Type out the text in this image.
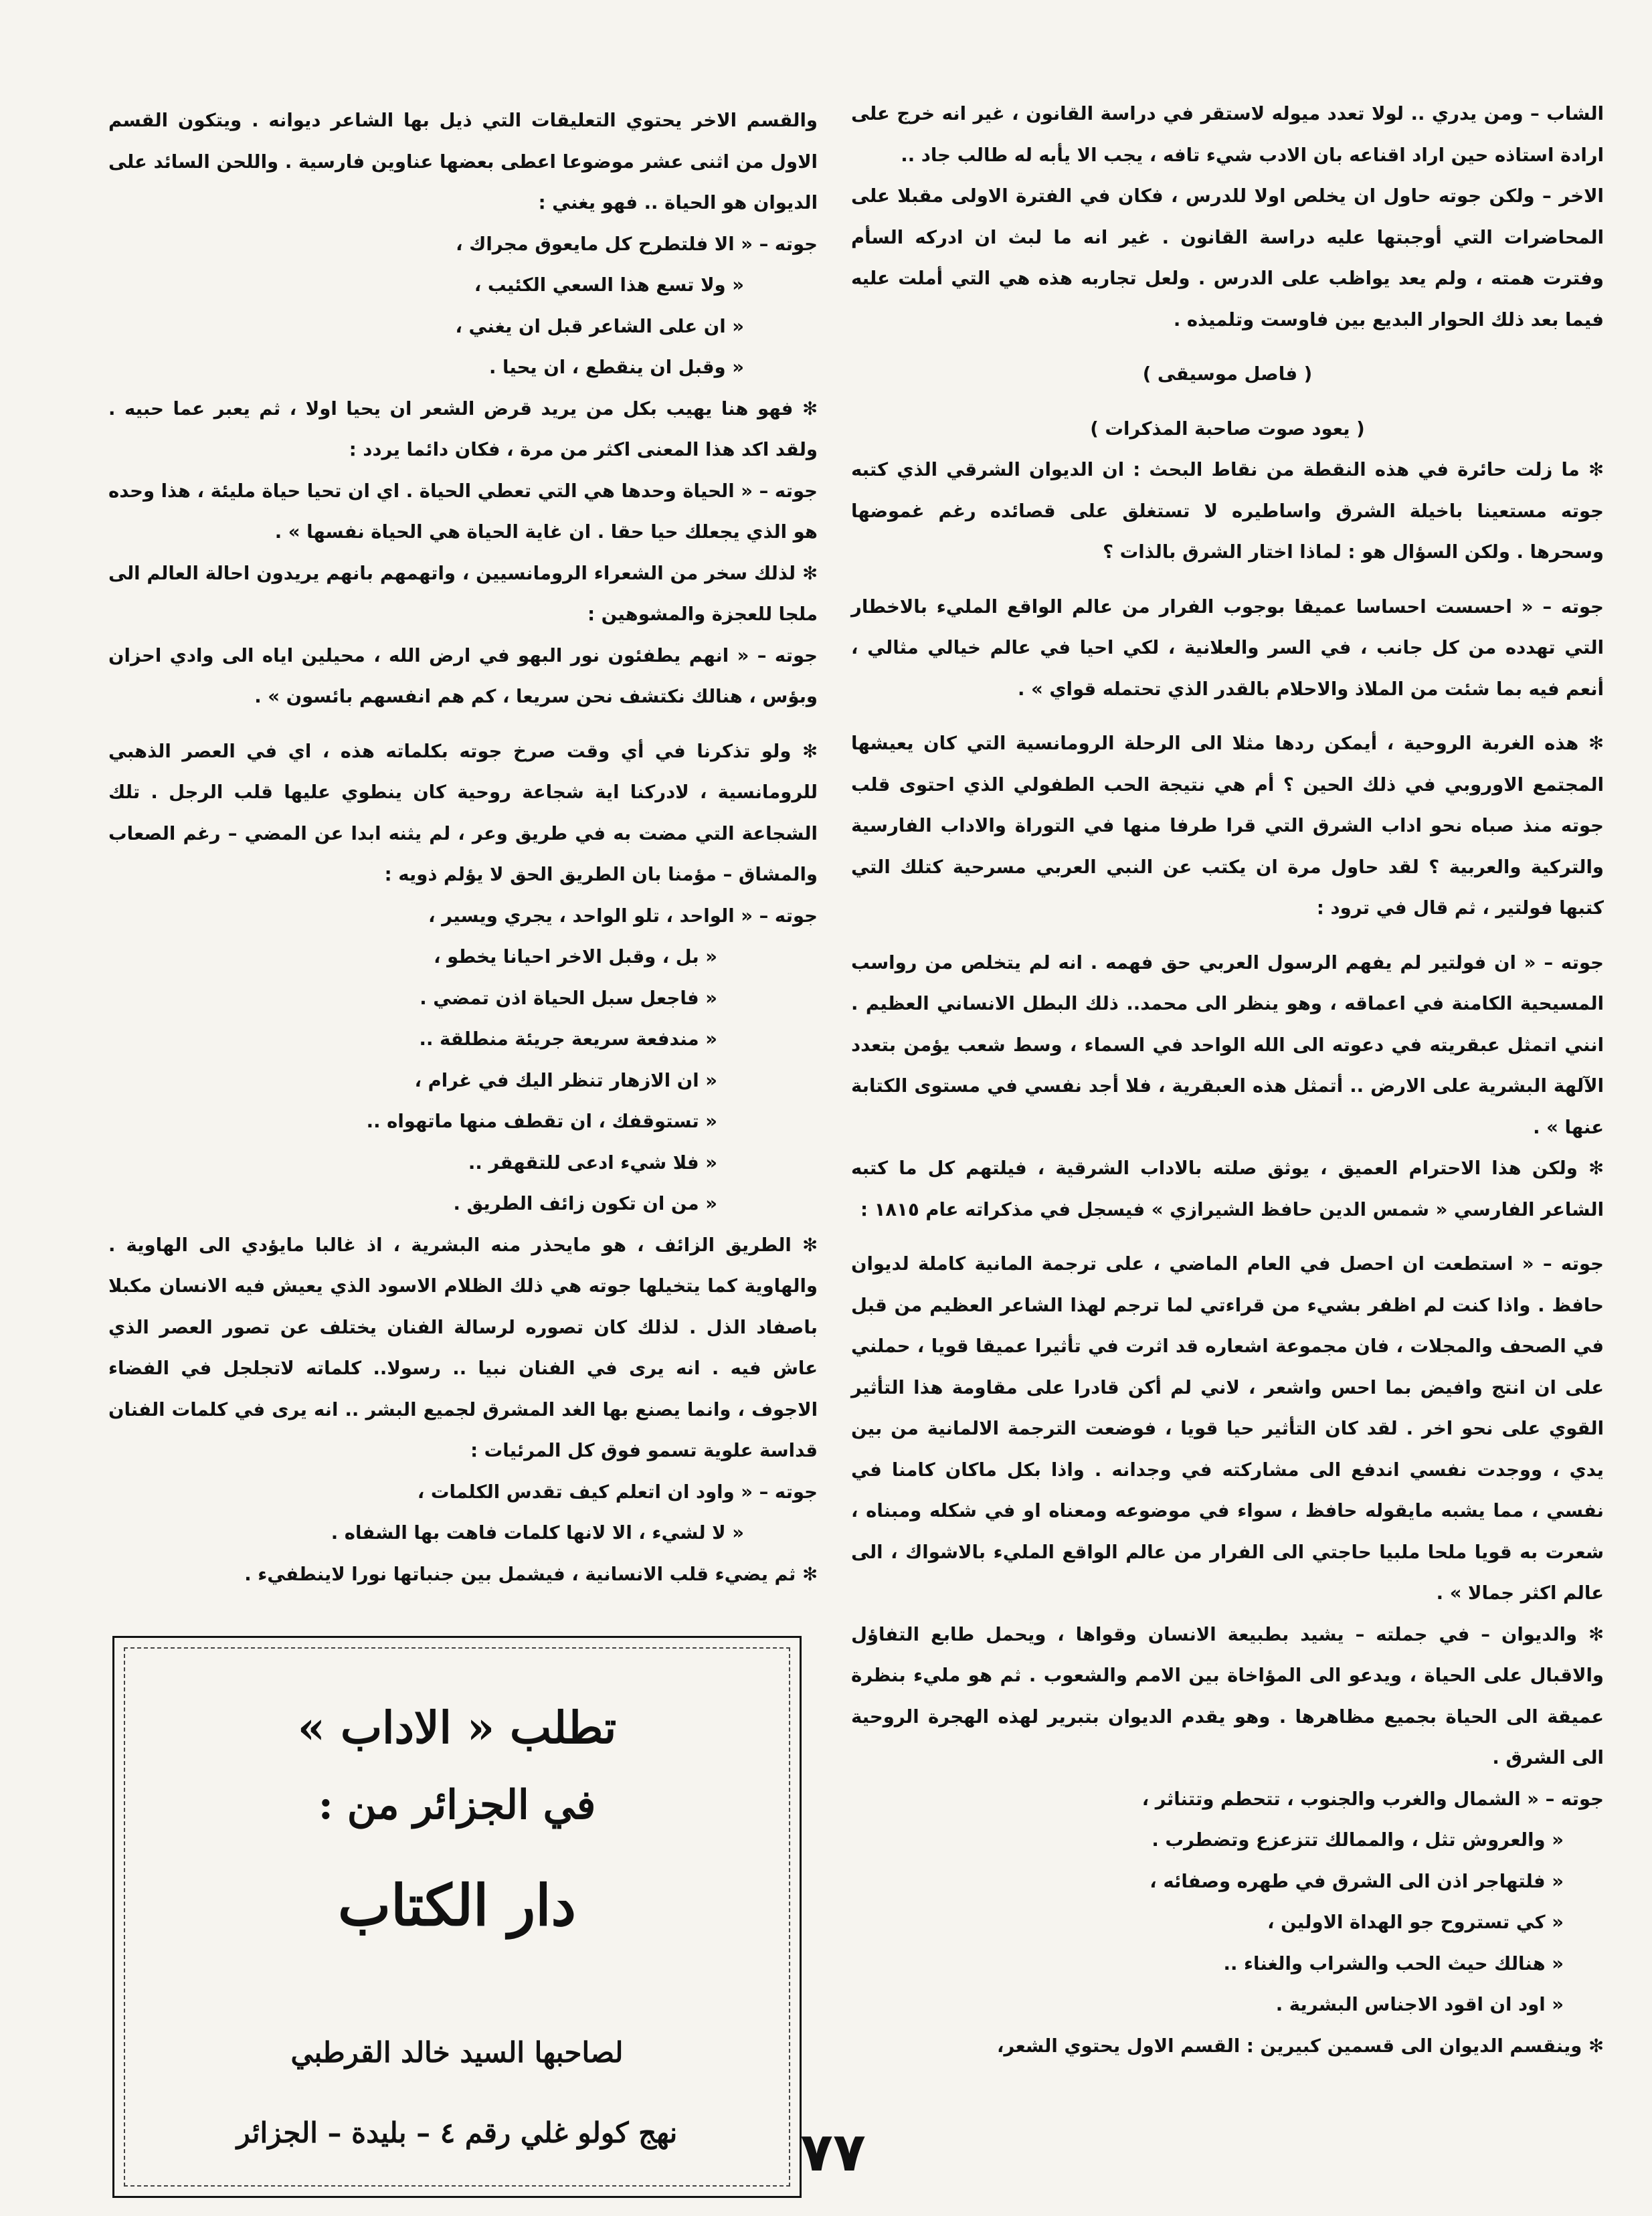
الشاب – ومن يدري .. لولا تعدد ميوله لاستقر في دراسة القانون ، غير انه خرج على ارادة استاذه حين اراد اقناعه بان الادب شيء تافه ، يجب الا يأبه له طالب جاد ..

الاخر – ولكن جوته حاول ان يخلص اولا للدرس ، فكان في الفترة الاولى مقبلا على المحاضرات التي أوجبتها عليه دراسة القانون . غير انه ما لبث ان ادركه السأم وفترت همته ، ولم يعد يواظب على الدرس . ولعل تجاربه هذه هي التي أملت عليه فيما بعد ذلك الحوار البديع بين فاوست وتلميذه .

( فاصل موسيقى )

( يعود صوت صاحبة المذكرات )

✻ ما زلت حائرة في هذه النقطة من نقاط البحث : ان الديوان الشرقي الذي كتبه جوته مستعينا باخيلة الشرق واساطيره لا تستغلق على قصائده رغم غموضها وسحرها . ولكن السؤال هو : لماذا اختار الشرق بالذات ؟

جوته – « احسست احساسا عميقا بوجوب الفرار من عالم الواقع المليء بالاخطار التي تهدده من كل جانب ، في السر والعلانية ، لكي احيا في عالم خيالي مثالي ، أنعم فيه بما شئت من الملاذ والاحلام بالقدر الذي تحتمله قواي » .

✻ هذه الغربة الروحية ، أيمكن ردها مثلا الى الرحلة الرومانسية التي كان يعيشها المجتمع الاوروبي في ذلك الحين ؟ أم هي نتيجة الحب الطفولي الذي احتوى قلب جوته منذ صباه نحو اداب الشرق التي قرا طرفا منها في التوراة والاداب الفارسية والتركية والعربية ؟ لقد حاول مرة ان يكتب عن النبي العربي مسرحية كتلك التي كتبها فولتير ، ثم قال في ترود :

جوته – « ان فولتير لم يفهم الرسول العربي حق فهمه . انه لم يتخلص من رواسب المسيحية الكامنة في اعماقه ، وهو ينظر الى محمد.. ذلك البطل الانساني العظيم . انني اتمثل عبقريته في دعوته الى الله الواحد في السماء ، وسط شعب يؤمن بتعدد الآلهة البشرية على الارض .. أتمثل هذه العبقرية ، فلا أجد نفسي في مستوى الكتابة عنها » .

✻ ولكن هذا الاحترام العميق ، يوثق صلته بالاداب الشرقية ، فيلتهم كل ما كتبه الشاعر الفارسي « شمس الدين حافظ الشيرازي » فيسجل في مذكراته عام ١٨١٥ :

جوته – « استطعت ان احصل في العام الماضي ، على ترجمة المانية كاملة لديوان حافظ . واذا كنت لم اظفر بشيء من قراءتي لما ترجم لهذا الشاعر العظيم من قبل في الصحف والمجلات ، فان مجموعة اشعاره قد اثرت في تأثيرا عميقا قويا ، حملني على ان انتج وافيض بما احس واشعر ، لاني لم أكن قادرا على مقاومة هذا التأثير القوي على نحو اخر . لقد كان التأثير حيا قويا ، فوضعت الترجمة الالمانية من بين يدي ، ووجدت نفسي اندفع الى مشاركته في وجدانه . واذا بكل ماكان كامنا في نفسي ، مما يشبه مايقوله حافظ ، سواء في موضوعه ومعناه او في شكله ومبناه ، شعرت به قويا ملحا ملبيا حاجتي الى الفرار من عالم الواقع المليء بالاشواك ، الى عالم اكثر جمالا » .

✻ والديوان – في جملته – يشيد بطبيعة الانسان وقواها ، ويحمل طابع التفاؤل والاقبال على الحياة ، ويدعو الى المؤاخاة بين الامم والشعوب . ثم هو مليء بنظرة عميقة الى الحياة بجميع مظاهرها . وهو يقدم الديوان بتبرير لهذه الهجرة الروحية الى الشرق .

جوته – « الشمال والغرب والجنوب ، تتحطم وتتناثر ،

« والعروش تثل ، والممالك تتزعزع وتضطرب .

« فلتهاجر اذن الى الشرق في طهره وصفائه ،

« كي تستروح جو الهداة الاولين ،

« هنالك حيث الحب والشراب والغناء ..

« اود ان اقود الاجناس البشرية .

✻ وينقسم الديوان الى قسمين كبيرين : القسم الاول يحتوي الشعر،

والقسم الاخر يحتوي التعليقات التي ذيل بها الشاعر ديوانه . ويتكون القسم الاول من اثنى عشر موضوعا اعطى بعضها عناوين فارسية . واللحن السائد على الديوان هو الحياة .. فهو يغني :

جوته – « الا فلتطرح كل مايعوق مجراك ،

« ولا تسع هذا السعي الكئيب ،

« ان على الشاعر قبل ان يغني ،

« وقبل ان ينقطع ، ان يحيا .

✻ فهو هنا يهيب بكل من يريد قرض الشعر ان يحيا اولا ، ثم يعبر عما حبيه . ولقد اكد هذا المعنى اكثر من مرة ، فكان دائما يردد :

جوته – « الحياة وحدها هي التي تعطي الحياة . اي ان تحيا حياة مليئة ، هذا وحده هو الذي يجعلك حيا حقا . ان غاية الحياة هي الحياة نفسها » .

✻ لذلك سخر من الشعراء الرومانسيين ، واتهمهم بانهم يريدون احالة العالم الى ملجا للعجزة والمشوهين :

جوته – « انهم يطفئون نور البهو في ارض الله ، محيلين اياه الى وادي احزان وبؤس ، هنالك نكتشف نحن سريعا ، كم هم انفسهم بائسون » .

✻ ولو تذكرنا في أي وقت صرخ جوته بكلماته هذه ، اي في العصر الذهبي للرومانسية ، لادركنا اية شجاعة روحية كان ينطوي عليها قلب الرجل . تلك الشجاعة التي مضت به في طريق وعر ، لم يثنه ابدا عن المضي – رغم الصعاب والمشاق – مؤمنا بان الطريق الحق لا يؤلم ذويه :

جوته – « الواحد ، تلو الواحد ، يجري ويسير ،

« بل ، وقبل الاخر احيانا يخطو ،

« فاجعل سبل الحياة اذن تمضي .

« مندفعة سريعة جريئة منطلقة ..

« ان الازهار تنظر اليك في غرام ،

« تستوقفك ، ان تقطف منها ماتهواه ..

« فلا شيء ادعى للتقهقر ..

« من ان تكون زائف الطريق .

✻ الطريق الزائف ، هو مايحذر منه البشرية ، اذ غالبا مايؤدي الى الهاوية . والهاوية كما يتخيلها جوته هي ذلك الظلام الاسود الذي يعيش فيه الانسان مكبلا باصفاد الذل . لذلك كان تصوره لرسالة الفنان يختلف عن تصور العصر الذي عاش فيه . انه يرى في الفنان نبيا .. رسولا.. كلماته لاتجلجل في الفضاء الاجوف ، وانما يصنع بها الغد المشرق لجميع البشر .. انه يرى في كلمات الفنان قداسة علوية تسمو فوق كل المرئيات :

جوته – « واود ان اتعلم كيف تقدس الكلمات ،

« لا لشيء ، الا لانها كلمات فاهت بها الشفاه .

✻ ثم يضيء قلب الانسانية ، فيشمل بين جنباتها نورا لاينطفيء .

تطلب « الاداب »
في الجزائر من :
دار الكتاب
لصاحبها السيد خالد القرطبي
نهج كولو غلي رقم ٤ – بليدة – الجزائر	٧٧
